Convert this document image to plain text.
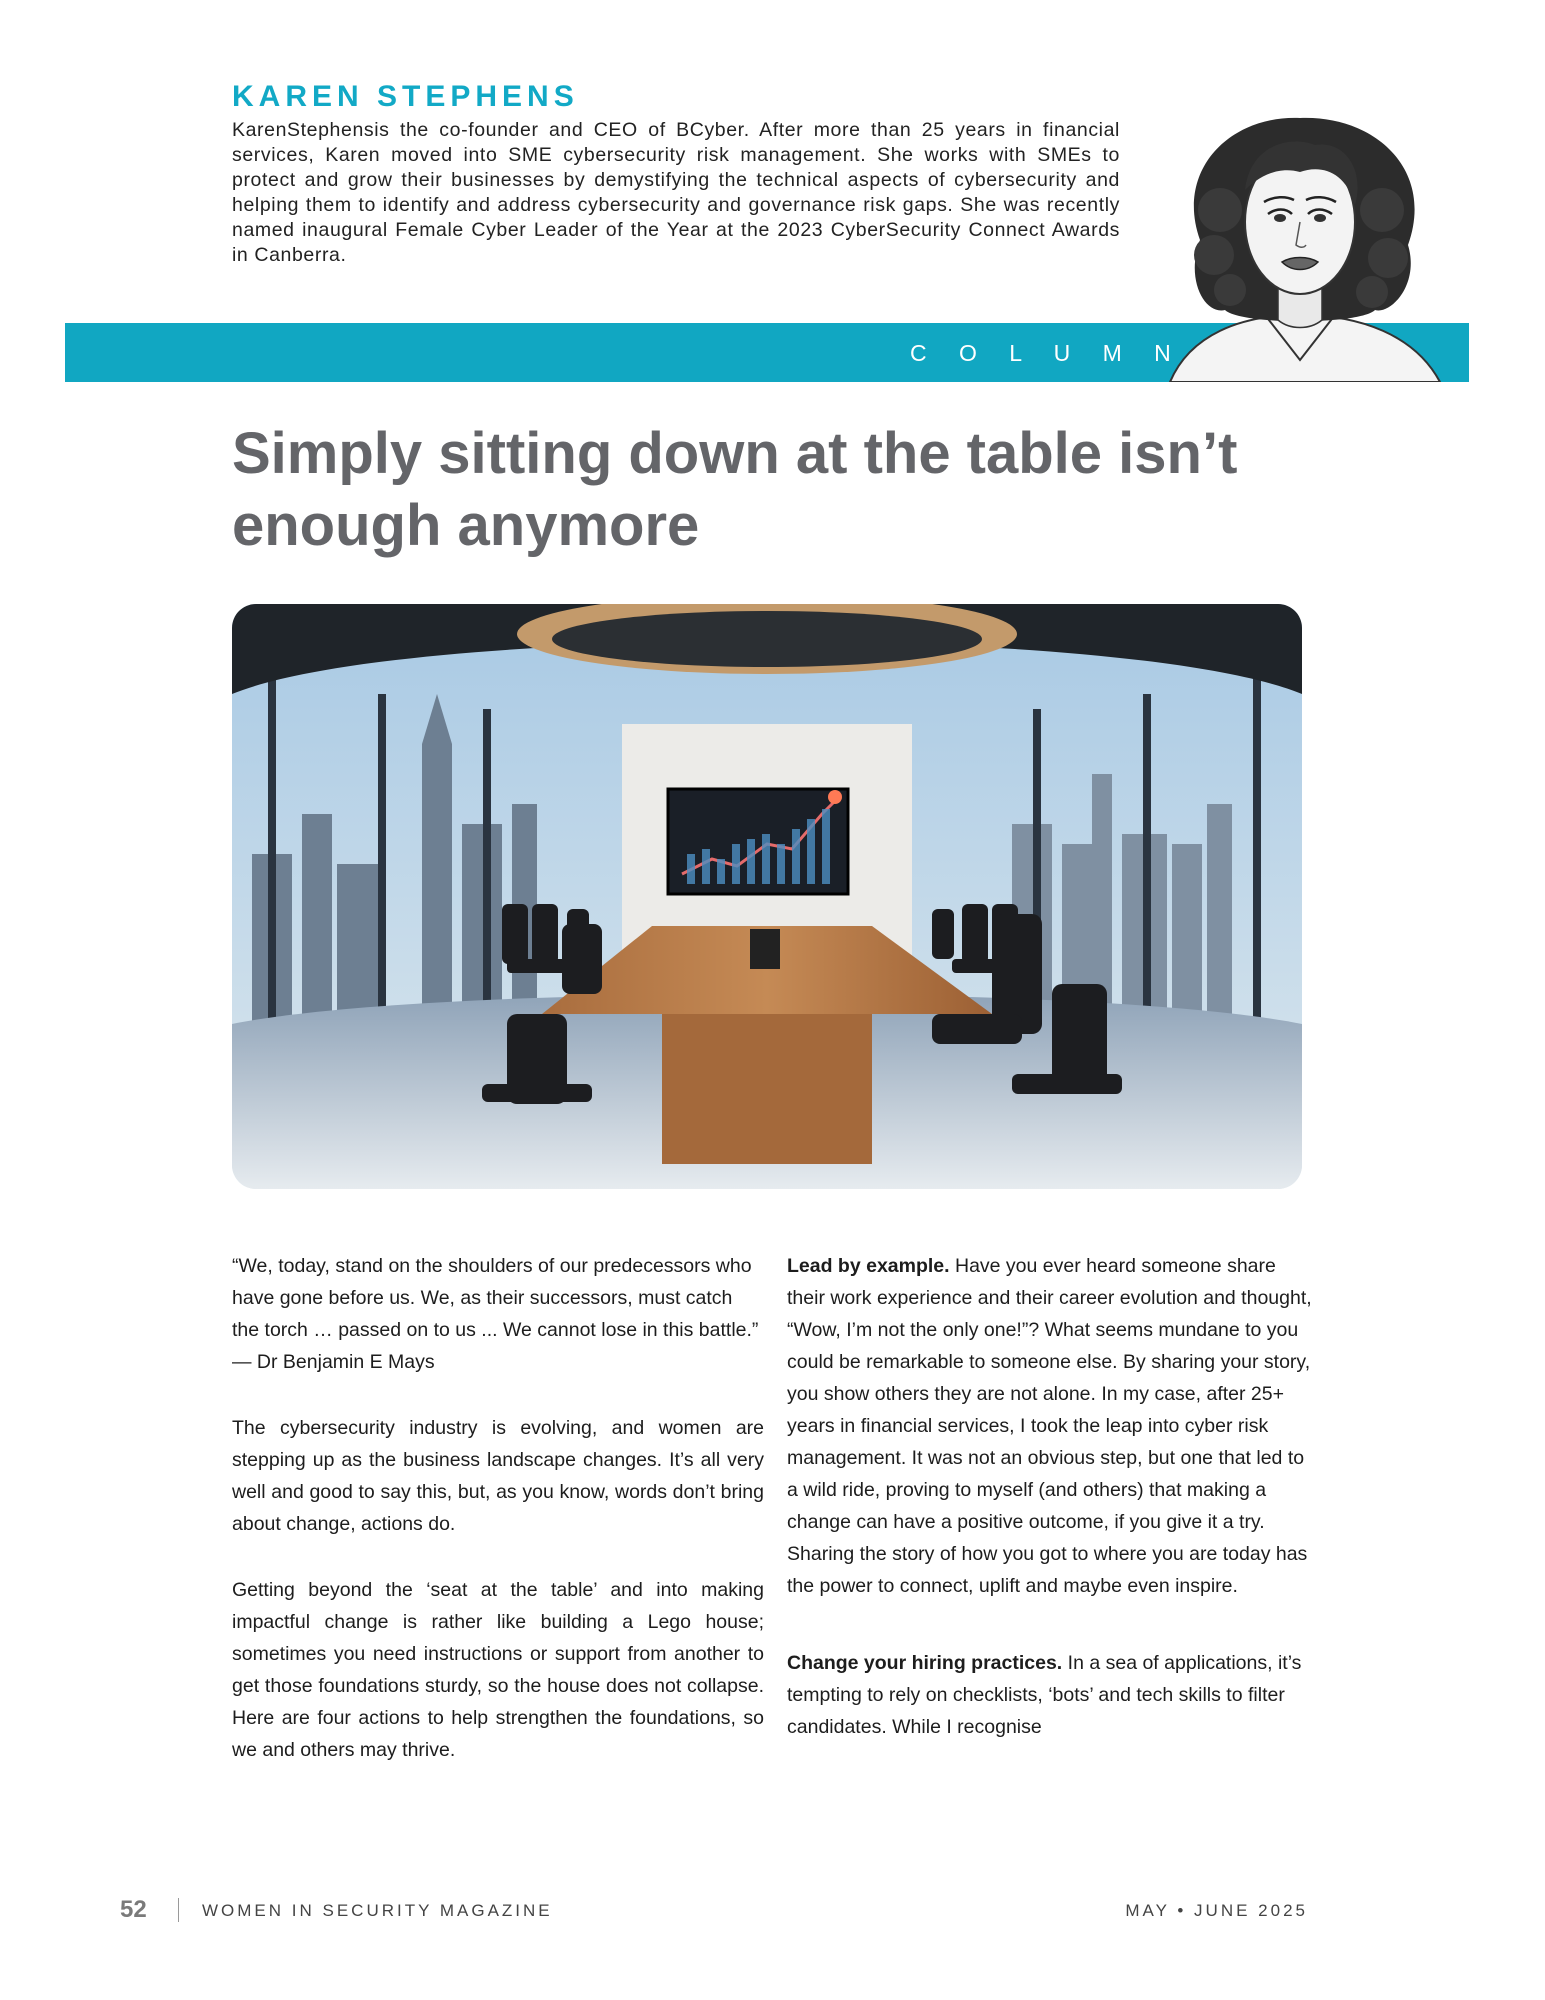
KAREN STEPHENS

KarenStephensis the co-founder and CEO of BCyber. After more than 25 years in financial services, Karen moved into SME cybersecurity risk management. She works with SMEs to protect and grow their businesses by demystifying the technical aspects of cybersecurity and helping them to identify and address cybersecurity and governance risk gaps. She was recently named inaugural Female Cyber Leader of the Year at the 2023 CyberSecurity Connect Awards in Canberra.

C O L U M N
Simply sitting down at the table isn’t enough anymore

“We, today, stand on the shoulders of our predecessors who have gone before us. We, as their successors, must catch the torch … passed on to us ... We cannot lose in this battle.” — Dr Benjamin E Mays

The cybersecurity industry is evolving, and women are stepping up as the business landscape changes. It’s all very well and good to say this, but, as you know, words don’t bring about change, actions do.

Getting beyond the ‘seat at the table’ and into making impactful change is rather like building a Lego house; sometimes you need instructions or support from another to get those foundations sturdy, so the house does not collapse. Here are four actions to help strengthen the foundations, so we and others may thrive.

Lead by example. Have you ever heard someone share their work experience and their career evolution and thought, “Wow, I’m not the only one!”? What seems mundane to you could be remarkable to someone else. By sharing your story, you show others they are not alone. In my case, after 25+ years in financial services, I took the leap into cyber risk management. It was not an obvious step, but one that led to a wild ride, proving to myself (and others) that making a change can have a positive outcome, if you give it a try. Sharing the story of how you got to where you are today has the power to connect, uplift and maybe even inspire.

Change your hiring practices. In a sea of applications, it’s tempting to rely on checklists, ‘bots’ and tech skills to filter candidates. While I recognise

52	WOMEN IN SECURITY MAGAZINE	MAY • JUNE 2025
